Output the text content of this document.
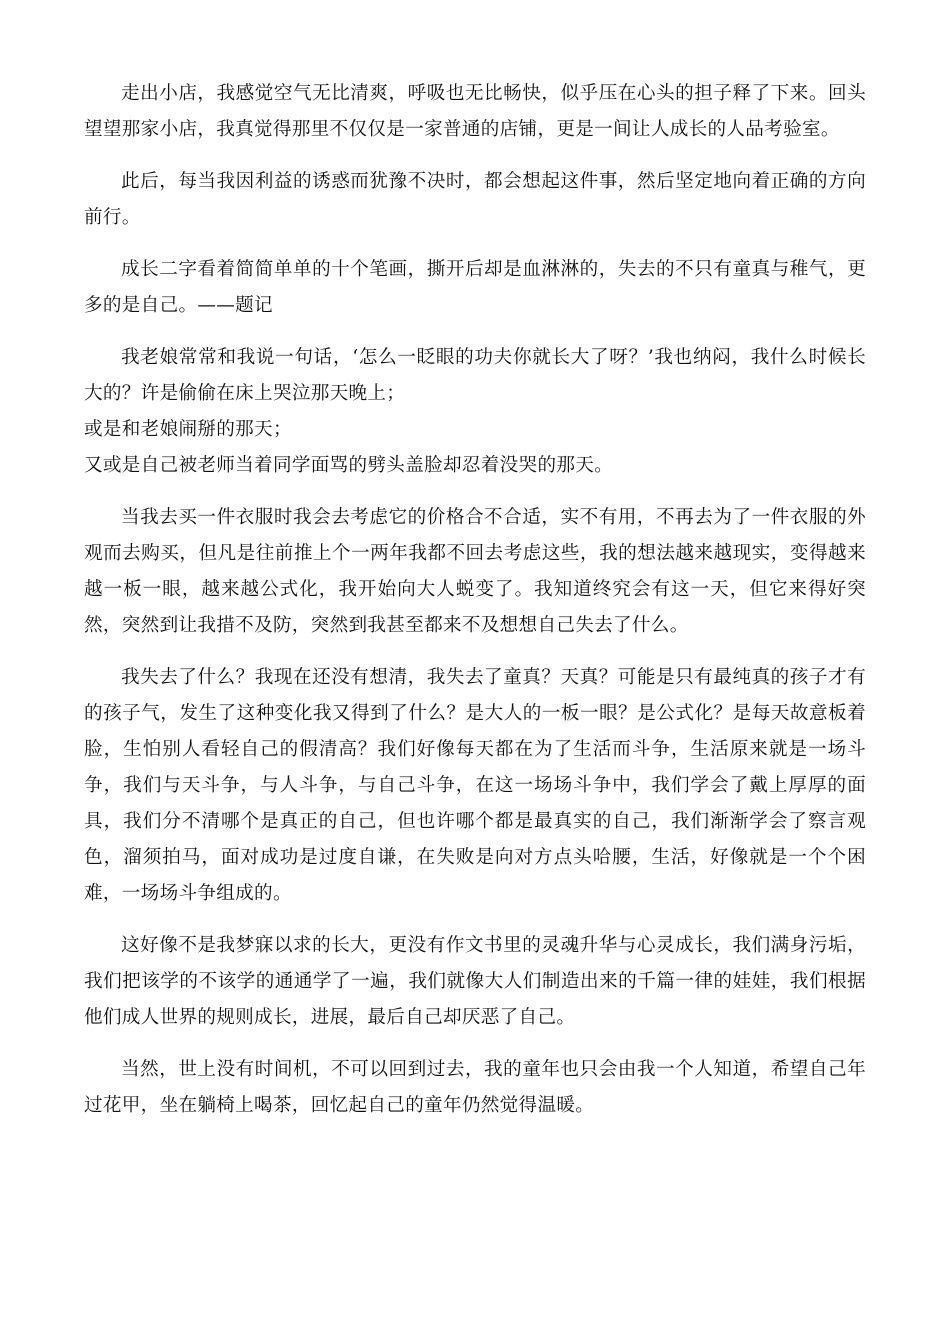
走出小店，我感觉空气无比清爽，呼吸也无比畅快，似乎压在心头的担子释了下来。回头望望那家小店，我真觉得那里不仅仅是一家普通的店铺，更是一间让人成长的人品考验室。

此后，每当我因利益的诱惑而犹豫不决时，都会想起这件事，然后坚定地向着正确的方向前行。

成长二字看着简简单单的十个笔画，撕开后却是血淋淋的，失去的不只有童真与稚气，更多的是自己。——题记

我老娘常常和我说一句话，‘怎么一眨眼的功夫你就长大了呀？’我也纳闷，我什么时候长大的？许是偷偷在床上哭泣那天晚上；

或是和老娘闹掰的那天；

又或是自己被老师当着同学面骂的劈头盖脸却忍着没哭的那天。

当我去买一件衣服时我会去考虑它的价格合不合适，实不有用，不再去为了一件衣服的外观而去购买，但凡是往前推上个一两年我都不回去考虑这些，我的想法越来越现实，变得越来越一板一眼，越来越公式化，我开始向大人蜕变了。我知道终究会有这一天，但它来得好突然，突然到让我措不及防，突然到我甚至都来不及想想自己失去了什么。

我失去了什么？我现在还没有想清，我失去了童真？天真？可能是只有最纯真的孩子才有的孩子气，发生了这种变化我又得到了什么？是大人的一板一眼？是公式化？是每天故意板着脸，生怕别人看轻自己的假清高？我们好像每天都在为了生活而斗争，生活原来就是一场斗争，我们与天斗争，与人斗争，与自己斗争，在这一场场斗争中，我们学会了戴上厚厚的面具，我们分不清哪个是真正的自己，但也许哪个都是最真实的自己，我们渐渐学会了察言观色，溜须拍马，面对成功是过度自谦，在失败是向对方点头哈腰，生活，好像就是一个个困难，一场场斗争组成的。

这好像不是我梦寐以求的长大，更没有作文书里的灵魂升华与心灵成长，我们满身污垢，我们把该学的不该学的通通学了一遍，我们就像大人们制造出来的千篇一律的娃娃，我们根据他们成人世界的规则成长，进展，最后自己却厌恶了自己。

当然，世上没有时间机，不可以回到过去，我的童年也只会由我一个人知道，希望自己年过花甲，坐在躺椅上喝茶，回忆起自己的童年仍然觉得温暖。
